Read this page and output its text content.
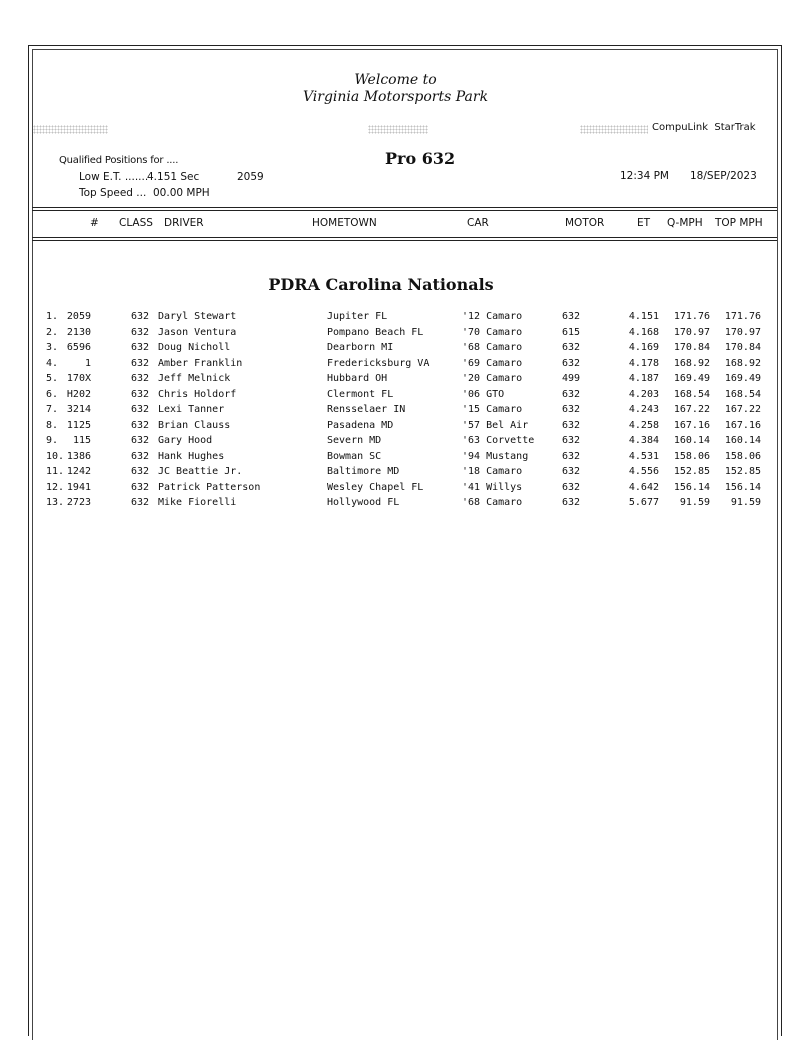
Welcome to
Virginia Motorsports Park
CompuLink  StarTrak
Qualified Positions for ....	Pro 632
Low E.T. .......
4.151 Sec	2059
Top Speed ... 00.00 MPH
12:34 PM 18/SEP/2023
# CLASS DRIVER	HOMETOWN	CAR	MOTOR	ET Q-MPH TOP MPH
PDRA Carolina Nationals
1. 2059	632 Daryl Stewart	Jupiter FL	'12 Camaro	632	4.151 171.76 171.76
2. 2130	632 Jason Ventura	Pompano Beach FL	'70 Camaro	615	4.168 170.97 170.97
3. 6596	632 Doug Nicholl	Dearborn MI	'68 Camaro	632	4.169 170.84 170.84
4.	1	632 Amber Franklin	Fredericksburg VA	'69 Camaro	632	4.178 168.92 168.92
5. 170X	632 Jeff Melnick	Hubbard OH	'20 Camaro	499	4.187 169.49 169.49
6. H202	632 Chris Holdorf	Clermont FL	'06 GTO	632	4.203 168.54 168.54
7. 3214	632 Lexi Tanner	Rensselaer IN	'15 Camaro	632	4.243 167.22 167.22
8. 1125	632 Brian Clauss	Pasadena MD	'57 Bel Air	632	4.258 167.16 167.16
9. 115	632 Gary Hood	Severn MD	'63 Corvette	632	4.384 160.14 160.14
10. 1386	632 Hank Hughes	Bowman SC	'94 Mustang	632	4.531 158.06 158.06
11. 1242	632 JC Beattie Jr.	Baltimore MD	'18 Camaro	632	4.556 152.85 152.85
12. 1941	632 Patrick Patterson	Wesley Chapel FL	'41 Willys	632	4.642 156.14 156.14
13. 2723	632 Mike Fiorelli	Hollywood FL	'68 Camaro	632	5.677 91.59 91.59
